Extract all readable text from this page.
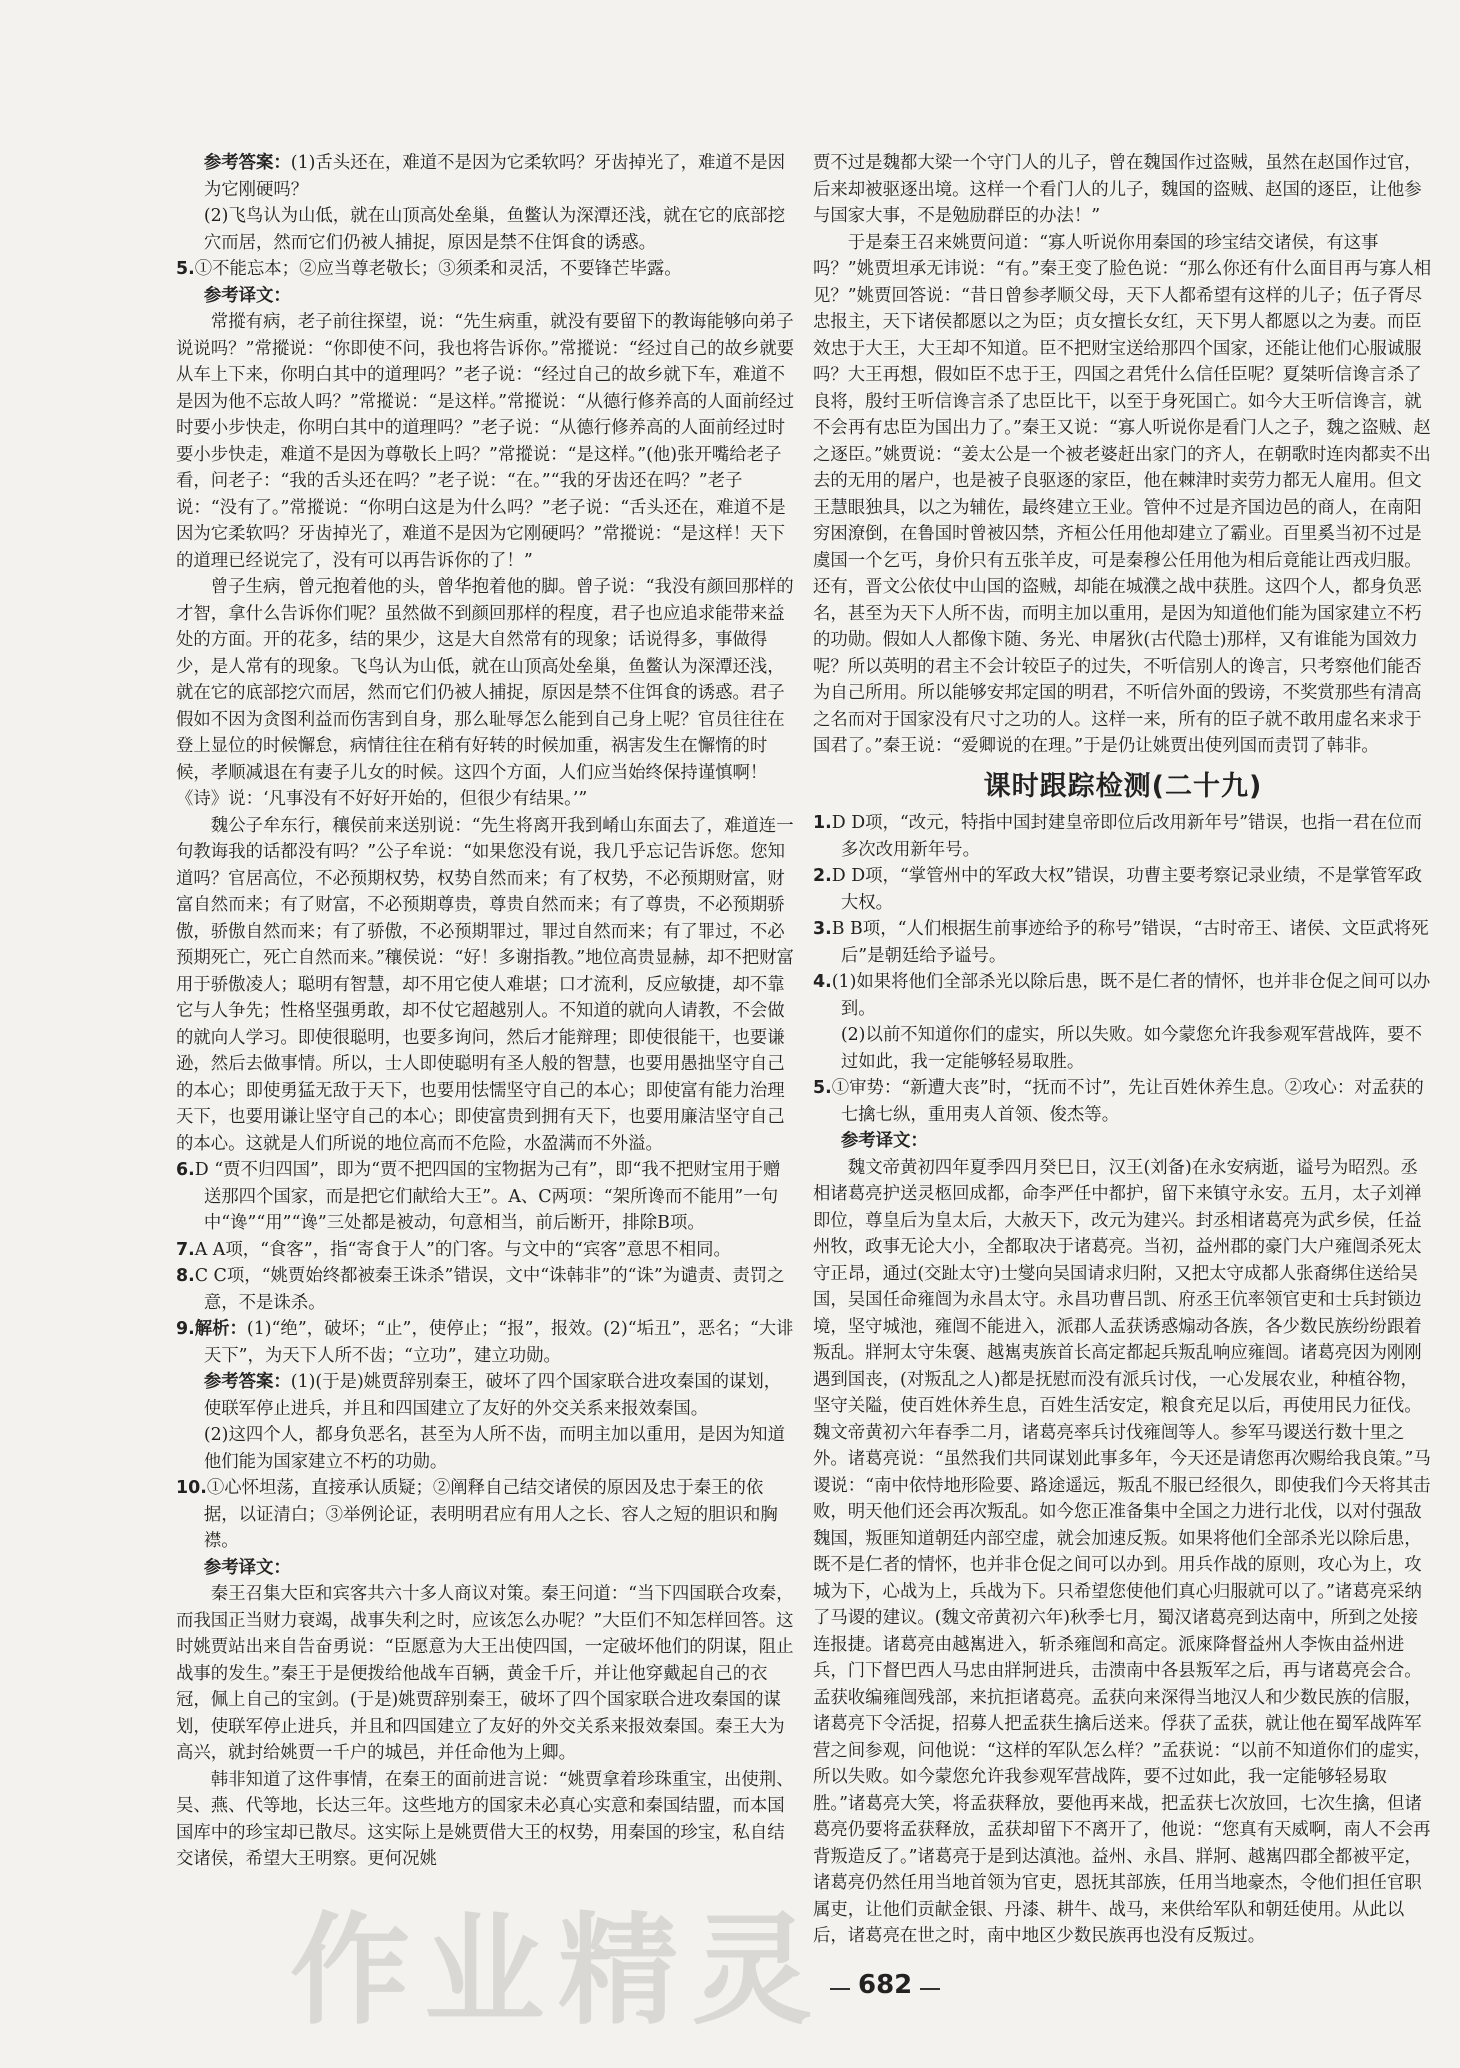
参考答案：(1)舌头还在，难道不是因为它柔软吗？牙齿掉光了，难道不是因为它刚硬吗？

(2)飞鸟认为山低，就在山顶高处垒巢，鱼鳖认为深潭还浅，就在它的底部挖穴而居，然而它们仍被人捕捉，原因是禁不住饵食的诱惑。

5.①不能忘本；②应当尊老敬长；③须柔和灵活，不要锋芒毕露。

参考译文：

常摐有病，老子前往探望，说：“先生病重，就没有要留下的教诲能够向弟子说说吗？”常摐说：“你即使不问，我也将告诉你。”常摐说：“经过自己的故乡就要从车上下来，你明白其中的道理吗？”老子说：“经过自己的故乡就下车，难道不是因为他不忘故人吗？”常摐说：“是这样。”常摐说：“从德行修养高的人面前经过时要小步快走，你明白其中的道理吗？”老子说：“从德行修养高的人面前经过时要小步快走，难道不是因为尊敬长上吗？”常摐说：“是这样。”(他)张开嘴给老子看，问老子：“我的舌头还在吗？”老子说：“在。”“我的牙齿还在吗？”老子说：“没有了。”常摐说：“你明白这是为什么吗？”老子说：“舌头还在，难道不是因为它柔软吗？牙齿掉光了，难道不是因为它刚硬吗？”常摐说：“是这样！天下的道理已经说完了，没有可以再告诉你的了！”

曾子生病，曾元抱着他的头，曾华抱着他的脚。曾子说：“我没有颜回那样的才智，拿什么告诉你们呢？虽然做不到颜回那样的程度，君子也应追求能带来益处的方面。开的花多，结的果少，这是大自然常有的现象；话说得多，事做得少，是人常有的现象。飞鸟认为山低，就在山顶高处垒巢，鱼鳖认为深潭还浅，就在它的底部挖穴而居，然而它们仍被人捕捉，原因是禁不住饵食的诱惑。君子假如不因为贪图利益而伤害到自身，那么耻辱怎么能到自己身上呢？官员往往在登上显位的时候懈怠，病情往往在稍有好转的时候加重，祸害发生在懈惰的时候，孝顺减退在有妻子儿女的时候。这四个方面，人们应当始终保持谨慎啊！《诗》说：‘凡事没有不好好开始的，但很少有结果。’”

魏公子牟东行，穰侯前来送别说：“先生将离开我到崤山东面去了，难道连一句教诲我的话都没有吗？”公子牟说：“如果您没有说，我几乎忘记告诉您。您知道吗？官居高位，不必预期权势，权势自然而来；有了权势，不必预期财富，财富自然而来；有了财富，不必预期尊贵，尊贵自然而来；有了尊贵，不必预期骄傲，骄傲自然而来；有了骄傲，不必预期罪过，罪过自然而来；有了罪过，不必预期死亡，死亡自然而来。”穰侯说：“好！多谢指教。”地位高贵显赫，却不把财富用于骄傲凌人；聪明有智慧，却不用它使人难堪；口才流利，反应敏捷，却不靠它与人争先；性格坚强勇敢，却不仗它超越别人。不知道的就向人请教，不会做的就向人学习。即使很聪明，也要多询问，然后才能辩理；即使很能干，也要谦逊，然后去做事情。所以，士人即使聪明有圣人般的智慧，也要用愚拙坚守自己的本心；即使勇猛无敌于天下，也要用怯懦坚守自己的本心；即使富有能力治理天下，也要用谦让坚守自己的本心；即使富贵到拥有天下，也要用廉洁坚守自己的本心。这就是人们所说的地位高而不危险，水盈满而不外溢。

6.D “贾不归四国”，即为“贾不把四国的宝物据为己有”，即“我不把财宝用于赠送那四个国家，而是把它们献给大王”。A、C两项：“架所谗而不能用”一句中“谗”“用”“谗”三处都是被动，句意相当，前后断开，排除B项。

7.A A项，“食客”，指“寄食于人”的门客。与文中的“宾客”意思不相同。

8.C C项，“姚贾始终都被秦王诛杀”错误，文中“诛韩非”的“诛”为谴责、责罚之意，不是诛杀。

9.解析：(1)“绝”，破坏；“止”，使停止；“报”，报效。(2)“垢丑”，恶名；“大诽天下”，为天下人所不齿；“立功”，建立功勋。

参考答案：(1)(于是)姚贾辞别秦王，破坏了四个国家联合进攻秦国的谋划，使联军停止进兵，并且和四国建立了友好的外交关系来报效秦国。

(2)这四个人，都身负恶名，甚至为人所不齿，而明主加以重用，是因为知道他们能为国家建立不朽的功勋。

10.①心怀坦荡，直接承认质疑；②阐释自己结交诸侯的原因及忠于秦王的依据，以证清白；③举例论证，表明明君应有用人之长、容人之短的胆识和胸襟。

参考译文：

秦王召集大臣和宾客共六十多人商议对策。秦王问道：“当下四国联合攻秦，而我国正当财力衰竭，战事失利之时，应该怎么办呢？”大臣们不知怎样回答。这时姚贾站出来自告奋勇说：“臣愿意为大王出使四国，一定破坏他们的阴谋，阻止战事的发生。”秦王于是便拨给他战车百辆，黄金千斤，并让他穿戴起自己的衣冠，佩上自己的宝剑。(于是)姚贾辞别秦王，破坏了四个国家联合进攻秦国的谋划，使联军停止进兵，并且和四国建立了友好的外交关系来报效秦国。秦王大为高兴，就封给姚贾一千户的城邑，并任命他为上卿。

韩非知道了这件事情，在秦王的面前进言说：“姚贾拿着珍珠重宝，出使荆、吴、燕、代等地，长达三年。这些地方的国家未必真心实意和秦国结盟，而本国国库中的珍宝却已散尽。这实际上是姚贾借大王的权势，用秦国的珍宝，私自结交诸侯，希望大王明察。更何况姚

贾不过是魏都大梁一个守门人的儿子，曾在魏国作过盗贼，虽然在赵国作过官，后来却被驱逐出境。这样一个看门人的儿子，魏国的盗贼、赵国的逐臣，让他参与国家大事，不是勉励群臣的办法！”

于是秦王召来姚贾问道：“寡人听说你用秦国的珍宝结交诸侯，有这事吗？”姚贾坦承无讳说：“有。”秦王变了脸色说：“那么你还有什么面目再与寡人相见？”姚贾回答说：“昔日曾参孝顺父母，天下人都希望有这样的儿子；伍子胥尽忠报主，天下诸侯都愿以之为臣；贞女擅长女红，天下男人都愿以之为妻。而臣效忠于大王，大王却不知道。臣不把财宝送给那四个国家，还能让他们心服诚服吗？大王再想，假如臣不忠于王，四国之君凭什么信任臣呢？夏桀听信谗言杀了良将，殷纣王听信谗言杀了忠臣比干，以至于身死国亡。如今大王听信谗言，就不会再有忠臣为国出力了。”秦王又说：“寡人听说你是看门人之子，魏之盗贼、赵之逐臣。”姚贾说：“姜太公是一个被老婆赶出家门的齐人，在朝歌时连肉都卖不出去的无用的屠户，也是被子良驱逐的家臣，他在棘津时卖劳力都无人雇用。但文王慧眼独具，以之为辅佐，最终建立王业。管仲不过是齐国边邑的商人，在南阳穷困潦倒，在鲁国时曾被囚禁，齐桓公任用他却建立了霸业。百里奚当初不过是虞国一个乞丐，身价只有五张羊皮，可是秦穆公任用他为相后竟能让西戎归服。还有，晋文公依仗中山国的盗贼，却能在城濮之战中获胜。这四个人，都身负恶名，甚至为天下人所不齿，而明主加以重用，是因为知道他们能为国家建立不朽的功勋。假如人人都像卞随、务光、申屠狄(古代隐士)那样，又有谁能为国效力呢？所以英明的君主不会计较臣子的过失，不听信别人的谗言，只考察他们能否为自己所用。所以能够安邦定国的明君，不听信外面的毁谤，不奖赏那些有清高之名而对于国家没有尺寸之功的人。这样一来，所有的臣子就不敢用虚名来求于国君了。”秦王说：“爱卿说的在理。”于是仍让姚贾出使列国而责罚了韩非。

课时跟踪检测(二十九)

1.D D项，“改元，特指中国封建皇帝即位后改用新年号”错误，也指一君在位而多次改用新年号。

2.D D项，“掌管州中的军政大权”错误，功曹主要考察记录业绩，不是掌管军政大权。

3.B B项，“人们根据生前事迹给予的称号”错误，“古时帝王、诸侯、文臣武将死后”是朝廷给予谥号。

4.(1)如果将他们全部杀光以除后患，既不是仁者的情怀，也并非仓促之间可以办到。

(2)以前不知道你们的虚实，所以失败。如今蒙您允许我参观军营战阵，要不过如此，我一定能够轻易取胜。

5.①审势：“新遭大丧”时，“抚而不讨”，先让百姓休养生息。②攻心：对孟获的七擒七纵，重用夷人首领、俊杰等。

参考译文：

魏文帝黄初四年夏季四月癸巳日，汉王(刘备)在永安病逝，谥号为昭烈。丞相诸葛亮护送灵柩回成都，命李严任中都护，留下来镇守永安。五月，太子刘禅即位，尊皇后为皇太后，大赦天下，改元为建兴。封丞相诸葛亮为武乡侯，任益州牧，政事无论大小，全都取决于诸葛亮。当初，益州郡的豪门大户雍闿杀死太守正昂，通过(交趾太守)士燮向吴国请求归附，又把太守成都人张裔绑住送给吴国，吴国任命雍闿为永昌太守。永昌功曹吕凯、府丞王伉率领官吏和士兵封锁边境，坚守城池，雍闿不能进入，派郡人孟获诱惑煽动各族，各少数民族纷纷跟着叛乱。牂牁太守朱褒、越嶲夷族首长高定都起兵叛乱响应雍闿。诸葛亮因为刚刚遇到国丧，(对叛乱之人)都是抚慰而没有派兵讨伐，一心发展农业，种植谷物，坚守关隘，使百姓休养生息，百姓生活安定，粮食充足以后，再使用民力征伐。魏文帝黄初六年春季二月，诸葛亮率兵讨伐雍闿等人。参军马谡送行数十里之外。诸葛亮说：“虽然我们共同谋划此事多年，今天还是请您再次赐给我良策。”马谡说：“南中依恃地形险要、路途遥远，叛乱不服已经很久，即使我们今天将其击败，明天他们还会再次叛乱。如今您正准备集中全国之力进行北伐，以对付强敌魏国，叛匪知道朝廷内部空虚，就会加速反叛。如果将他们全部杀光以除后患，既不是仁者的情怀，也并非仓促之间可以办到。用兵作战的原则，攻心为上，攻城为下，心战为上，兵战为下。只希望您使他们真心归服就可以了。”诸葛亮采纳了马谡的建议。(魏文帝黄初六年)秋季七月，蜀汉诸葛亮到达南中，所到之处接连报捷。诸葛亮由越嶲进入，斩杀雍闿和高定。派庲降督益州人李恢由益州进兵，门下督巴西人马忠由牂牁进兵，击溃南中各县叛军之后，再与诸葛亮会合。孟获收编雍闿残部，来抗拒诸葛亮。孟获向来深得当地汉人和少数民族的信服，诸葛亮下令活捉，招募人把孟获生擒后送来。俘获了孟获，就让他在蜀军战阵军营之间参观，问他说：“这样的军队怎么样？”孟获说：“以前不知道你们的虚实，所以失败。如今蒙您允许我参观军营战阵，要不过如此，我一定能够轻易取胜。”诸葛亮大笑，将孟获释放，要他再来战，把孟获七次放回，七次生擒，但诸葛亮仍要将孟获释放，孟获却留下不离开了，他说：“您真有天威啊，南人不会再背叛造反了。”诸葛亮于是到达滇池。益州、永昌、牂牁、越嶲四郡全都被平定，诸葛亮仍然任用当地首领为官吏，恩抚其部族，任用当地豪杰，令他们担任官职属吏，让他们贡献金银、丹漆、耕牛、战马，来供给军队和朝廷使用。从此以后，诸葛亮在世之时，南中地区少数民族再也没有反叛过。

682
作业精灵
